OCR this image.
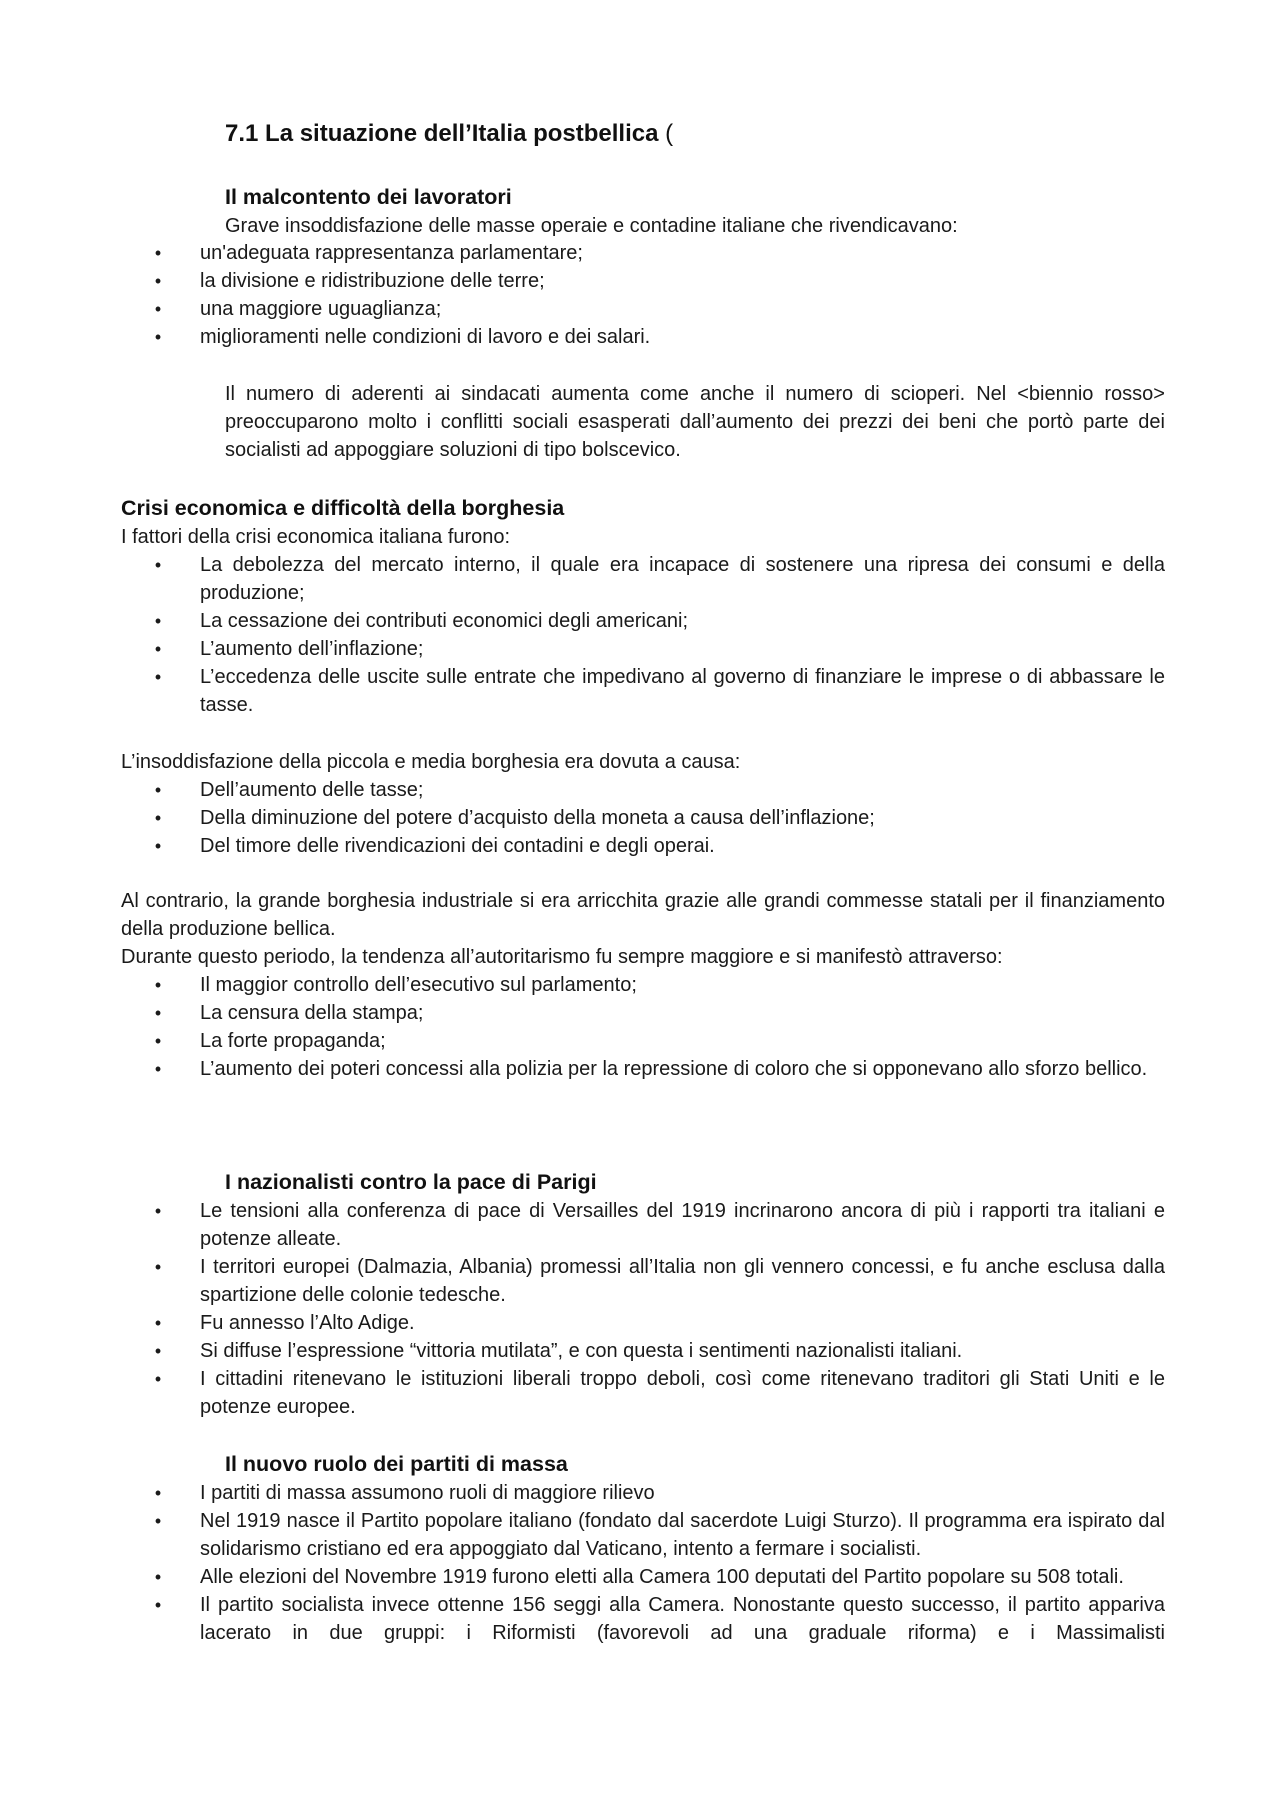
7.1 La situazione dell’Italia postbellica (
Il malcontento dei lavoratori

Grave insoddisfazione delle masse operaie e contadine italiane che rivendicavano:

•	un'adeguata rappresentanza parlamentare;
•	la divisione e ridistribuzione delle terre;
•	una maggiore uguaglianza;
•	miglioramenti nelle condizioni di lavoro e dei salari.

Il numero di aderenti ai sindacati aumenta come anche il numero di scioperi. Nel <biennio rosso> preoccuparono molto i conflitti sociali esasperati dall’aumento dei prezzi dei beni che portò parte dei socialisti ad appoggiare soluzioni di tipo bolscevico.

Crisi economica e difficoltà della borghesia

I fattori della crisi economica italiana furono:

•	La debolezza del mercato interno, il quale era incapace di sostenere una ripresa dei consumi e della produzione;
•	La cessazione dei contributi economici degli americani;
•	L’aumento dell’inflazione;
•	L’eccedenza delle uscite sulle entrate che impedivano al governo di finanziare le imprese o di abbassare le tasse.

L’insoddisfazione della piccola e media borghesia era dovuta a causa:

•	Dell’aumento delle tasse;
•	Della diminuzione del potere d’acquisto della moneta a causa dell’inflazione;
•	Del timore delle rivendicazioni dei contadini e degli operai.

Al contrario, la grande borghesia industriale si era arricchita grazie alle grandi commesse statali per il finanziamento della produzione bellica.

Durante questo periodo, la tendenza all’autoritarismo fu sempre maggiore e si manifestò attraverso:

•	Il maggior controllo dell’esecutivo sul parlamento;
•	La censura della stampa;
•	La forte propaganda;
•	L’aumento dei poteri concessi alla polizia per la repressione di coloro che si opponevano allo sforzo bellico.
I nazionalisti contro la pace di Parigi
•	Le tensioni alla conferenza di pace di Versailles del 1919 incrinarono ancora di più i rapporti tra italiani e potenze alleate.
•	I territori europei (Dalmazia, Albania) promessi all’Italia non gli vennero concessi, e fu anche esclusa dalla spartizione delle colonie tedesche.
•	Fu annesso l’Alto Adige.
•	Si diffuse l’espressione “vittoria mutilata”, e con questa i sentimenti nazionalisti italiani.
•	I cittadini ritenevano le istituzioni liberali troppo deboli, così come ritenevano traditori gli Stati Uniti e le potenze europee.
Il nuovo ruolo dei partiti di massa
•	I partiti di massa assumono ruoli di maggiore rilievo
•	Nel 1919 nasce il Partito popolare italiano (fondato dal sacerdote Luigi Sturzo). Il programma era ispirato dal solidarismo cristiano ed era appoggiato dal Vaticano, intento a fermare i socialisti.
•	Alle elezioni del Novembre 1919 furono eletti alla Camera 100 deputati del Partito popolare su 508 totali.
•	Il partito socialista invece ottenne 156 seggi alla Camera. Nonostante questo successo, il partito appariva lacerato in due gruppi: i Riformisti (favorevoli ad una graduale riforma) e i Massimalisti
